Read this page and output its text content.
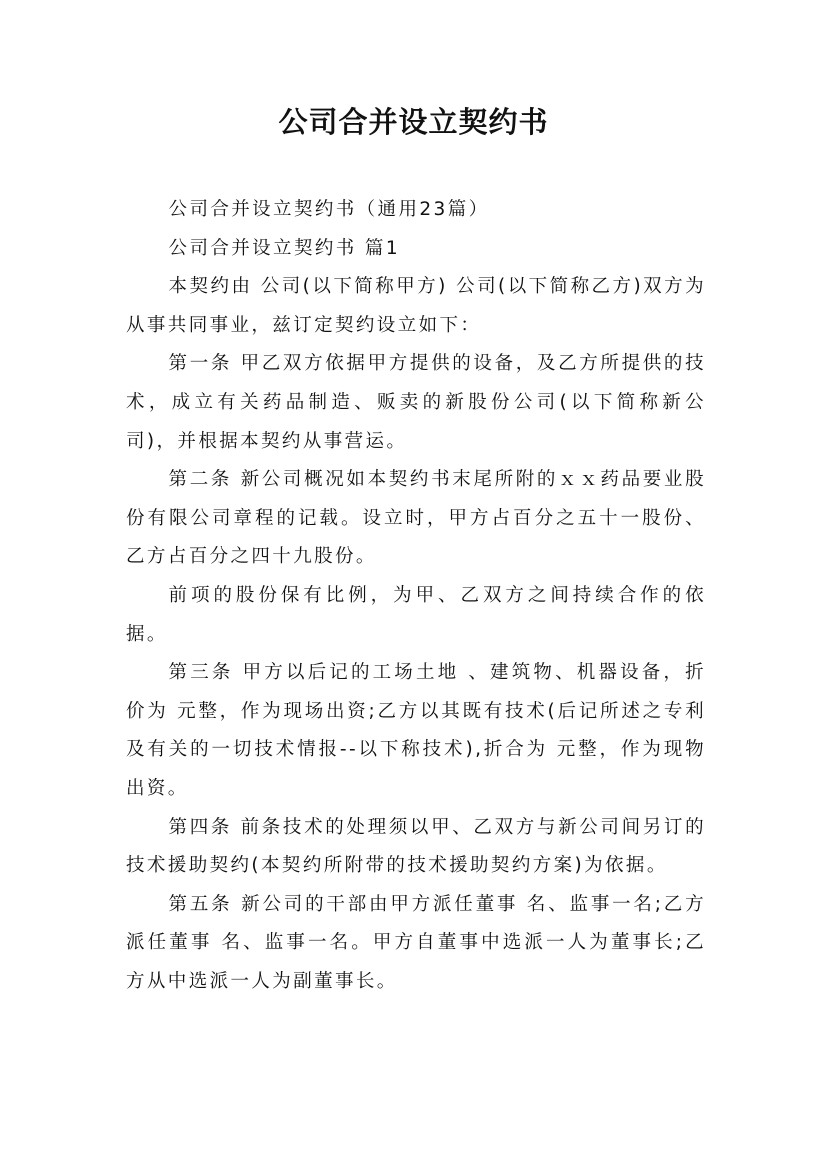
公司合并设立契约书

公司合并设立契约书（通用23篇）

公司合并设立契约书 篇1

本契约由 公司(以下简称甲方) 公司(以下简称乙方)双方为从事共同事业，兹订定契约设立如下：

第一条 甲乙双方依据甲方提供的设备，及乙方所提供的技术，成立有关药品制造、贩卖的新股份公司(以下简称新公司)，并根据本契约从事营运。

第二条 新公司概况如本契约书末尾所附的ｘｘ药品要业股份有限公司章程的记载。设立时，甲方占百分之五十一股份、乙方占百分之四十九股份。

前项的股份保有比例，为甲、乙双方之间持续合作的依据。

第三条 甲方以后记的工场土地 、建筑物、机器设备，折价为 元整，作为现场出资;乙方以其既有技术(后记所述之专利及有关的一切技术情报--以下称技术),折合为 元整，作为现物出资。

第四条 前条技术的处理须以甲、乙双方与新公司间另订的技术援助契约(本契约所附带的技术援助契约方案)为依据。

第五条 新公司的干部由甲方派任董事 名、监事一名;乙方派任董事 名、监事一名。甲方自董事中选派一人为董事长;乙方从中选派一人为副董事长。
